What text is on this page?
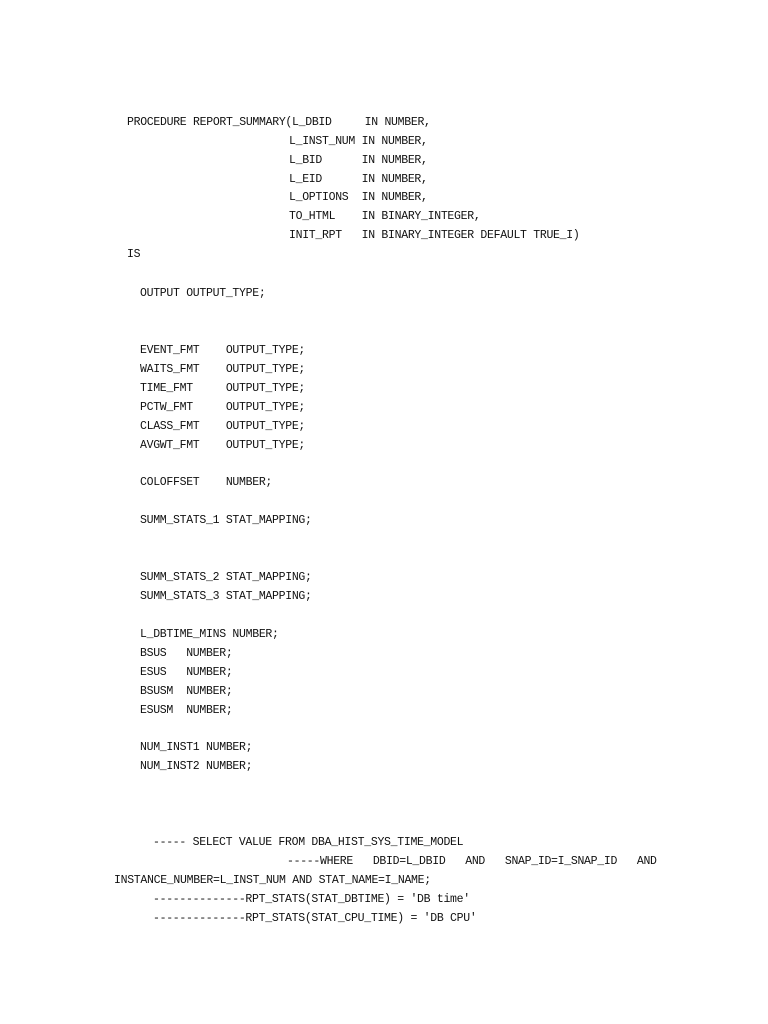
PROCEDURE REPORT_SUMMARY(L_DBID     IN NUMBER,
L_INST_NUM IN NUMBER,
L_BID      IN NUMBER,
L_EID      IN NUMBER,
L_OPTIONS  IN NUMBER,
TO_HTML    IN BINARY_INTEGER,
INIT_RPT   IN BINARY_INTEGER DEFAULT TRUE_I)
IS
OUTPUT OUTPUT_TYPE;
EVENT_FMT    OUTPUT_TYPE;
WAITS_FMT    OUTPUT_TYPE;
TIME_FMT     OUTPUT_TYPE;
PCTW_FMT     OUTPUT_TYPE;
CLASS_FMT    OUTPUT_TYPE;
AVGWT_FMT    OUTPUT_TYPE;
COLOFFSET    NUMBER;
SUMM_STATS_1 STAT_MAPPING;
SUMM_STATS_2 STAT_MAPPING;
SUMM_STATS_3 STAT_MAPPING;
L_DBTIME_MINS NUMBER;
BSUS   NUMBER;
ESUS   NUMBER;
BSUSM  NUMBER;
ESUSM  NUMBER;
NUM_INST1 NUMBER;
NUM_INST2 NUMBER;
----- SELECT VALUE FROM DBA_HIST_SYS_TIME_MODEL
-----WHERE   DBID=L_DBID   AND   SNAP_ID=I_SNAP_ID   AND
INSTANCE_NUMBER=L_INST_NUM AND STAT_NAME=I_NAME;
--------------RPT_STATS(STAT_DBTIME) = 'DB time'
--------------RPT_STATS(STAT_CPU_TIME) = 'DB CPU'
